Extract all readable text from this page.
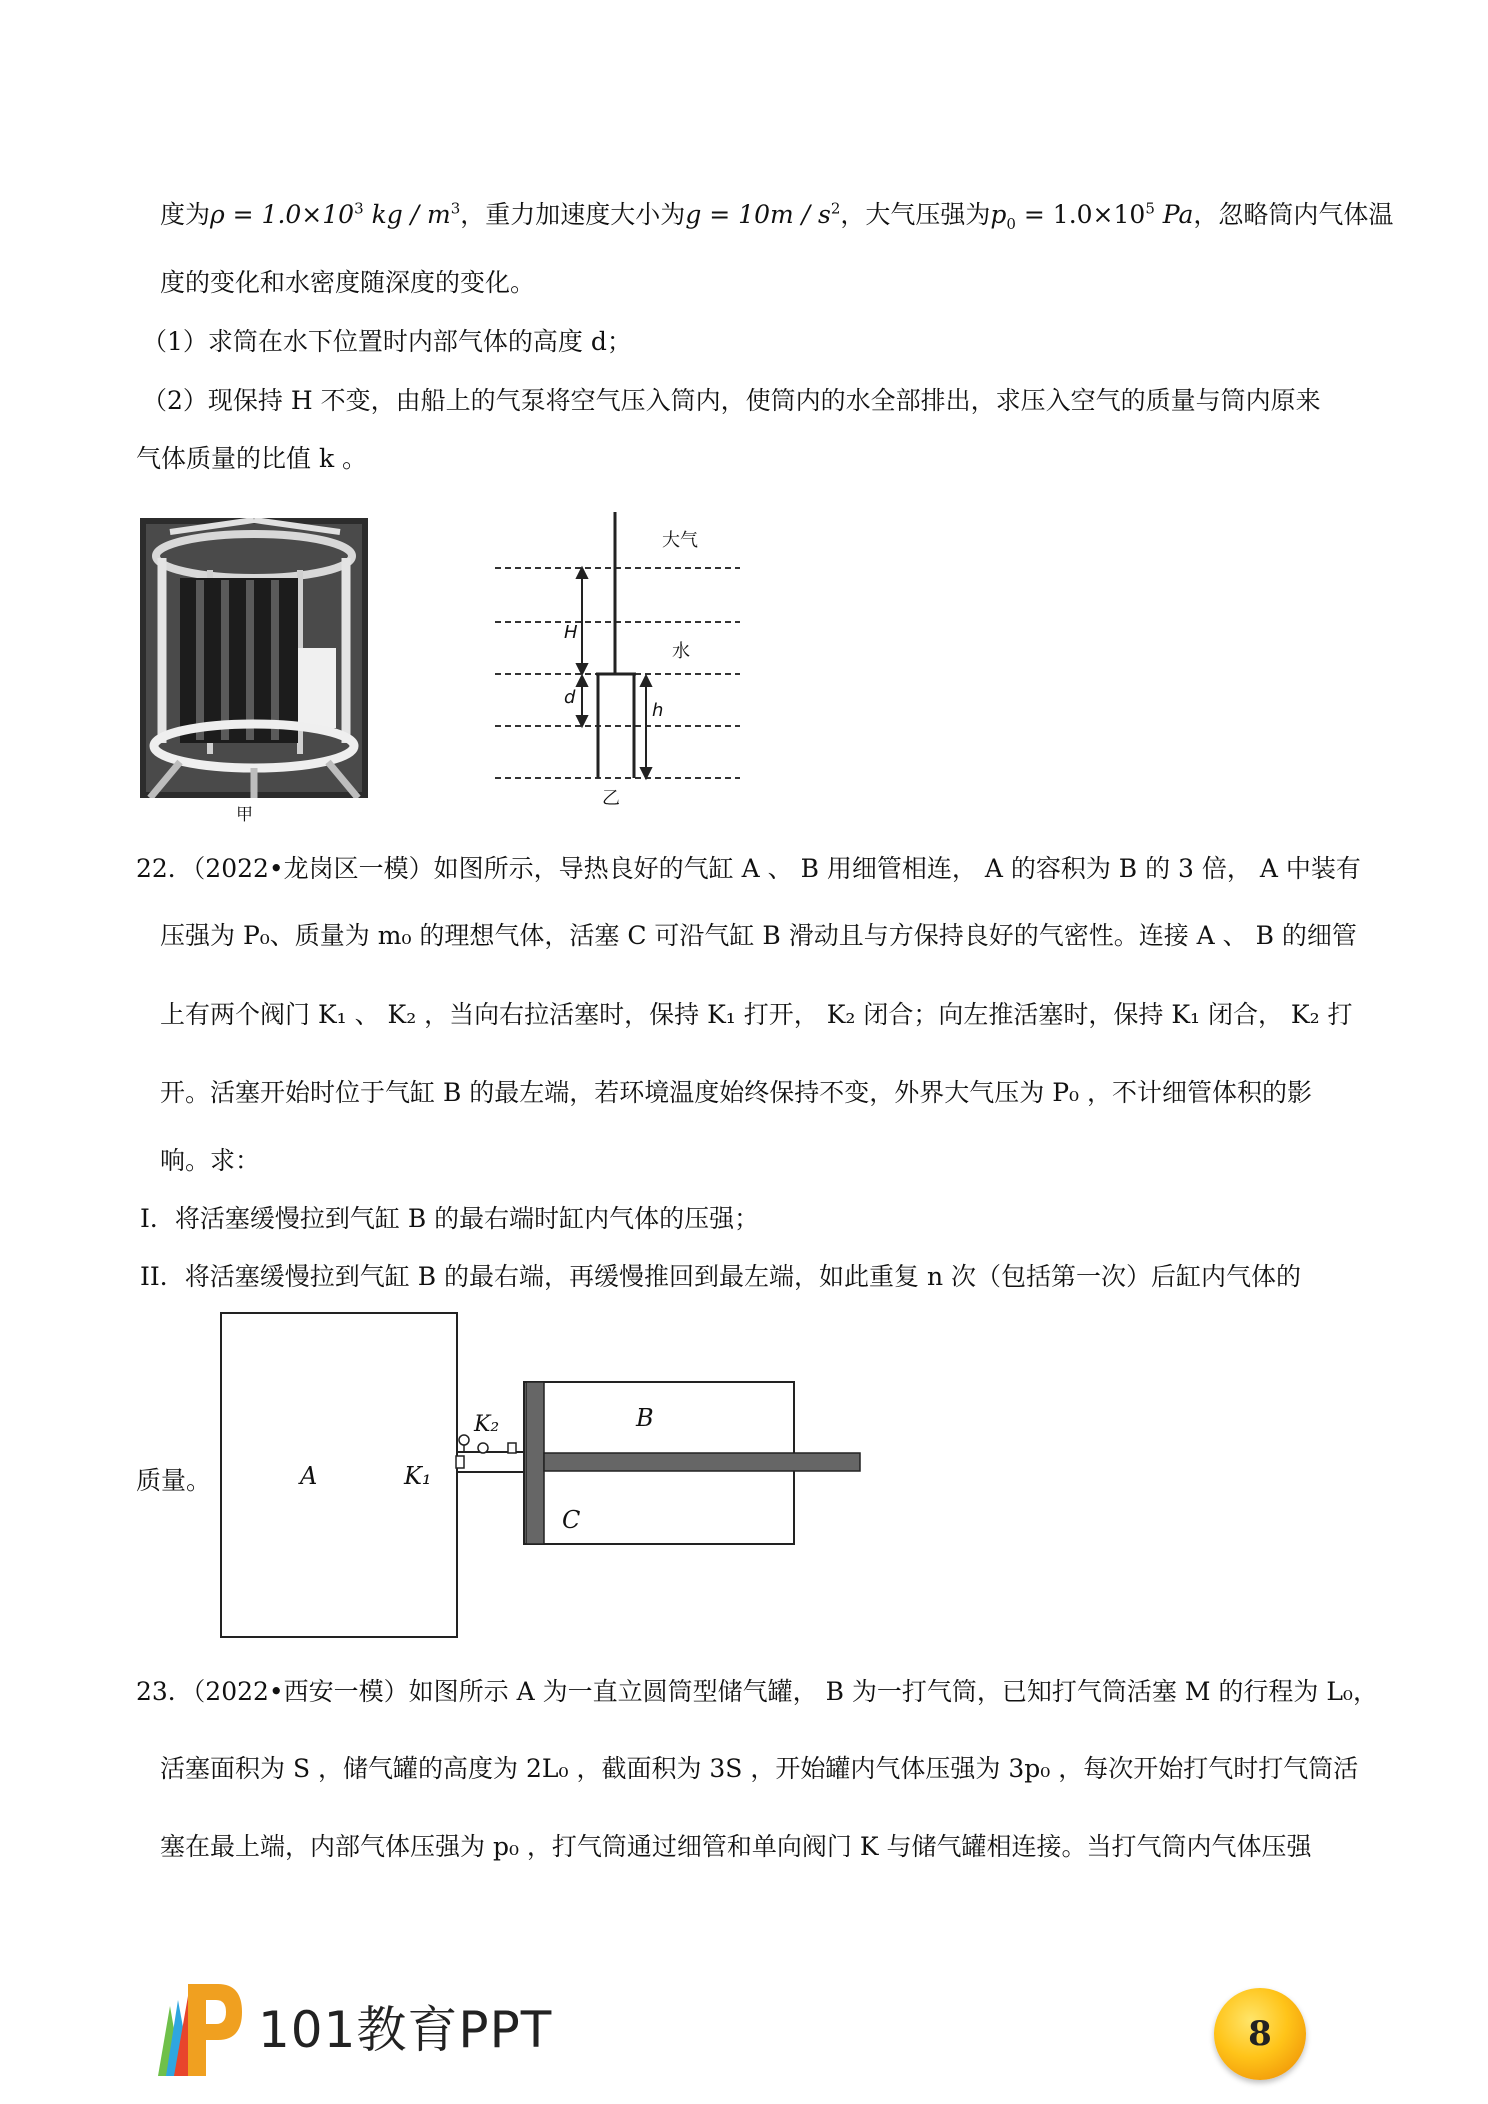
度为$\rho = 1.0\times 10^3$ kg / $m^3$，重力加速度大小为$g = 10m / s^2$，大气压强为$p_0 = 1.0\times 10^5$ Pa，忽略筒内气体温
度的变化和水密度随深度的变化。
（1）求筒在水下位置时内部气体的高度 d；
（2）现保持 H 不变，由船上的气泵将空气压入筒内，使筒内的水全部排出，求压入空气的质量与筒内原来
气体质量的比值 k 。
甲
大气
H
水
d
h
乙
22．（2022•龙岗区一模）如图所示，导热良好的气缸 A 、 B 用细管相连， A 的容积为 B 的 3 倍， A 中装有
压强为 P₀、质量为 m₀ 的理想气体，活塞 C 可沿气缸 B 滑动且与方保持良好的气密性。连接 A 、 B 的细管
上有两个阀门 K₁ 、 K₂ ，当向右拉活塞时，保持 K₁ 打开， K₂ 闭合；向左推活塞时，保持 K₁ 闭合， K₂ 打
开。活塞开始时位于气缸 B 的最左端，若环境温度始终保持不变，外界大气压为 P₀ ，不计细管体积的影
响。求：
I．将活塞缓慢拉到气缸 B 的最右端时缸内气体的压强；
II．将活塞缓慢拉到气缸 B 的最右端，再缓慢推回到最左端，如此重复 n 次（包括第一次）后缸内气体的
质量。	A	K₁
K₂	B
C
23．（2022•西安一模）如图所示 A 为一直立圆筒型储气罐， B 为一打气筒，已知打气筒活塞 M 的行程为 L₀，
活塞面积为 S ，储气罐的高度为 2L₀ ，截面积为 3S ，开始罐内气体压强为 3p₀ ，每次开始打气时打气筒活
塞在最上端，内部气体压强为 p₀ ，打气筒通过细管和单向阀门 K 与储气罐相连接。当打气筒内气体压强
101教育PPT	8
